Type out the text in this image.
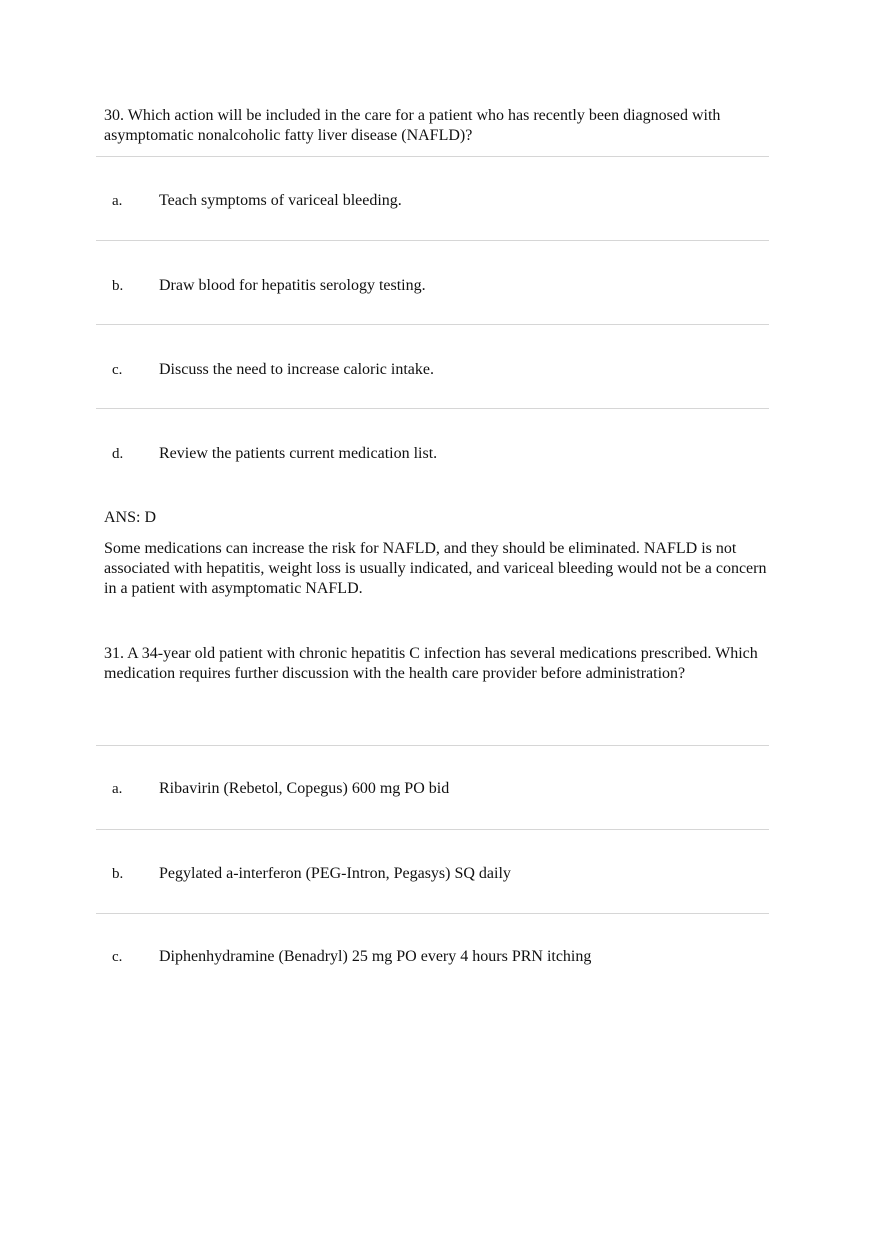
30. Which action will be included in the care for a patient who has recently been diagnosed with asymptomatic nonalcoholic fatty liver disease (NAFLD)?

a. Teach symptoms of variceal bleeding.
b. Draw blood for hepatitis serology testing.
c. Discuss the need to increase caloric intake.
d. Review the patients current medication list.

ANS: D

Some medications can increase the risk for NAFLD, and they should be eliminated. NAFLD is not associated with hepatitis, weight loss is usually indicated, and variceal bleeding would not be a concern in a patient with asymptomatic NAFLD.

31. A 34-year old patient with chronic hepatitis C infection has several medications prescribed. Which medication requires further discussion with the health care provider before administration?

a. Ribavirin (Rebetol, Copegus) 600 mg PO bid
b. Pegylated a-interferon (PEG-Intron, Pegasys) SQ daily
c. Diphenhydramine (Benadryl) 25 mg PO every 4 hours PRN itching
